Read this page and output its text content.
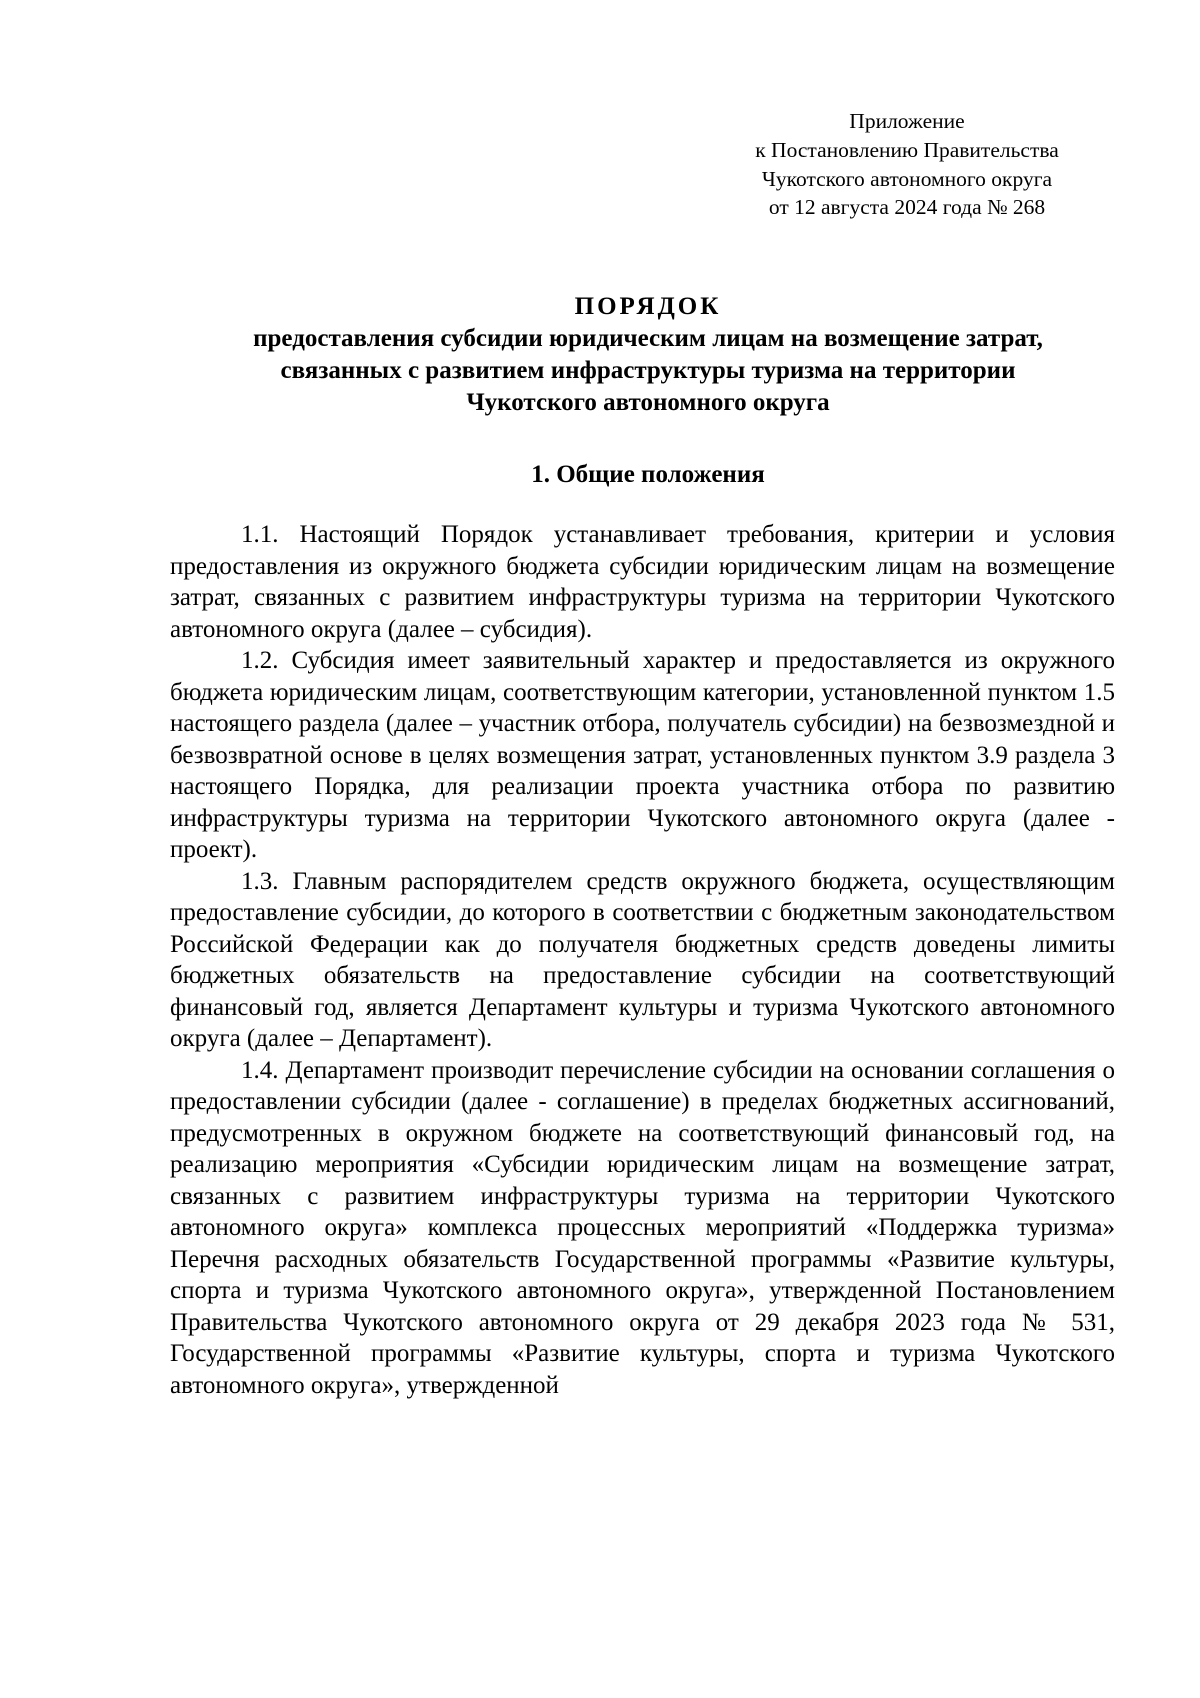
Приложение
к Постановлению Правительства
Чукотского автономного округа
от 12 августа 2024 года № 268
ПОРЯДОК
предоставления субсидии юридическим лицам на возмещение затрат,
связанных с развитием инфраструктуры туризма на территории
Чукотского автономного округа
1. Общие положения

1.1. Настоящий Порядок устанавливает требования, критерии и условия предоставления из окружного бюджета субсидии юридическим лицам на возмещение затрат, связанных с развитием инфраструктуры туризма на территории Чукотского автономного округа (далее – субсидия).

1.2. Субсидия имеет заявительный характер и предоставляется из окружного бюджета юридическим лицам, соответствующим категории, установленной пунктом 1.5 настоящего раздела (далее – участник отбора, получатель субсидии) на безвозмездной и безвозвратной основе в целях возмещения затрат, установленных пунктом 3.9 раздела 3 настоящего Порядка, для реализации проекта участника отбора по развитию инфраструктуры туризма на территории Чукотского автономного округа (далее - проект).

1.3. Главным распорядителем средств окружного бюджета, осуществляющим предоставление субсидии, до которого в соответствии с бюджетным законодательством Российской Федерации как до получателя бюджетных средств доведены лимиты бюджетных обязательств на предоставление субсидии на соответствующий финансовый год, является Департамент культуры и туризма Чукотского автономного округа (далее – Департамент).

1.4. Департамент производит перечисление субсидии на основании соглашения о предоставлении субсидии (далее - соглашение) в пределах бюджетных ассигнований, предусмотренных в окружном бюджете на соответствующий финансовый год, на реализацию мероприятия «Субсидии юридическим лицам на возмещение затрат, связанных с развитием инфраструктуры туризма на территории Чукотского автономного округа» комплекса процессных мероприятий «Поддержка туризма» Перечня расходных обязательств Государственной программы «Развитие культуры, спорта и туризма Чукотского автономного округа», утвержденной Постановлением Правительства Чукотского автономного округа от 29 декабря 2023 года № 531, Государственной программы «Развитие культуры, спорта и туризма Чукотского автономного округа», утвержденной
